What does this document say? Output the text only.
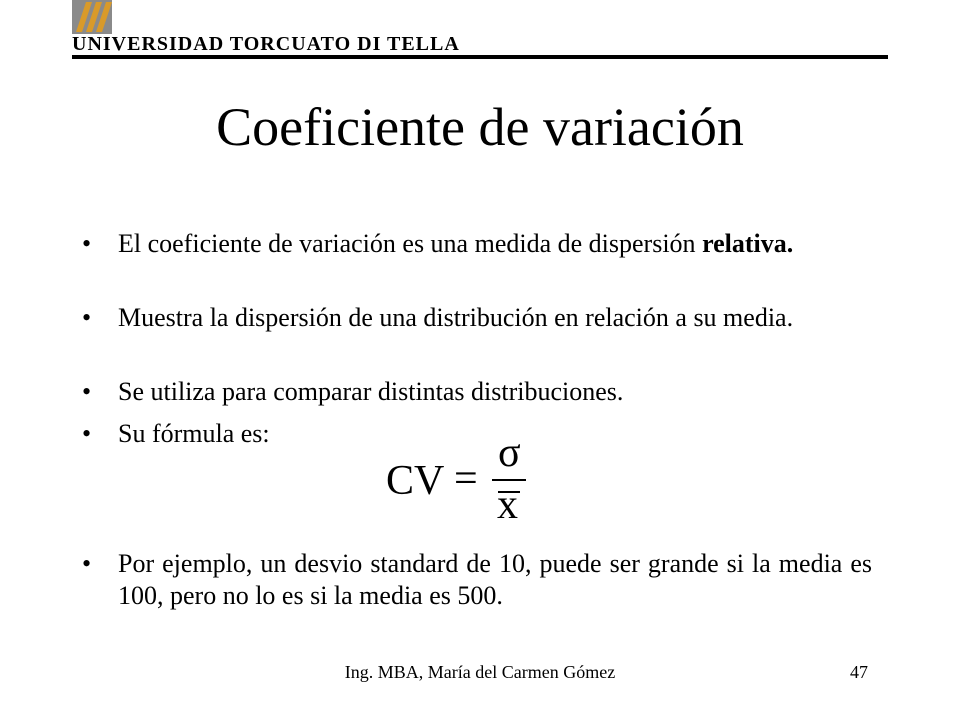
UNIVERSIDAD TORCUATO DI TELLA
Coeficiente de variación
• El coeficiente de variación es una medida de dispersión relativa.
• Muestra la dispersión de una distribución en relación a su media.
• Se utiliza para comparar distintas distribuciones.
• Su fórmula es:
CV =
σ
x
• Por ejemplo, un desvio standard de 10, puede ser grande si la media es 100, pero no lo es si la media es 500.
Ing. MBA, María del Carmen Gómez	47
